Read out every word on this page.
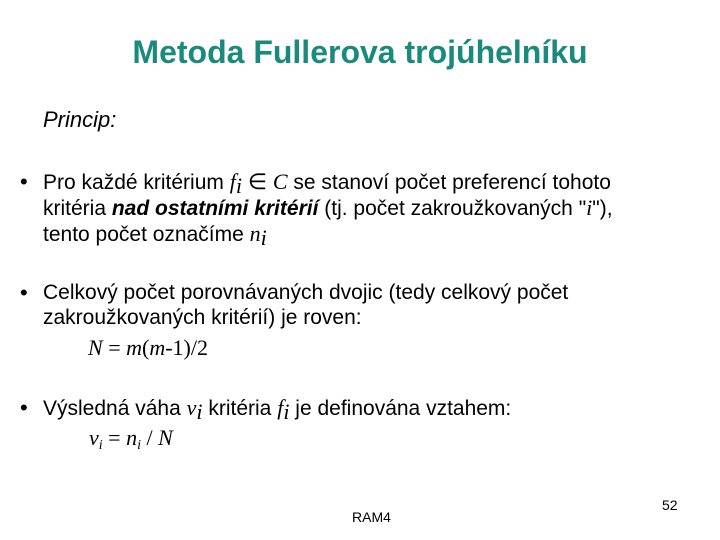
Metoda Fullerova trojúhelníku
Princip:
• Pro každé kritérium $f_i$ ∈ C se stanoví počet preferencí tohoto
kritéria nad ostatními kritérií (tj. počet zakroužkovaných "i"),
tento počet označíme $n_i$
• Celkový počet porovnávaných dvojic (tedy celkový počet
zakroužkovaných kritérií) je roven:
N = m(m-1)/2
• Výsledná váha $v_i$ kritéria $f_i$ je definována vztahem:
$v_i = n_i / N$
RAM4
52
